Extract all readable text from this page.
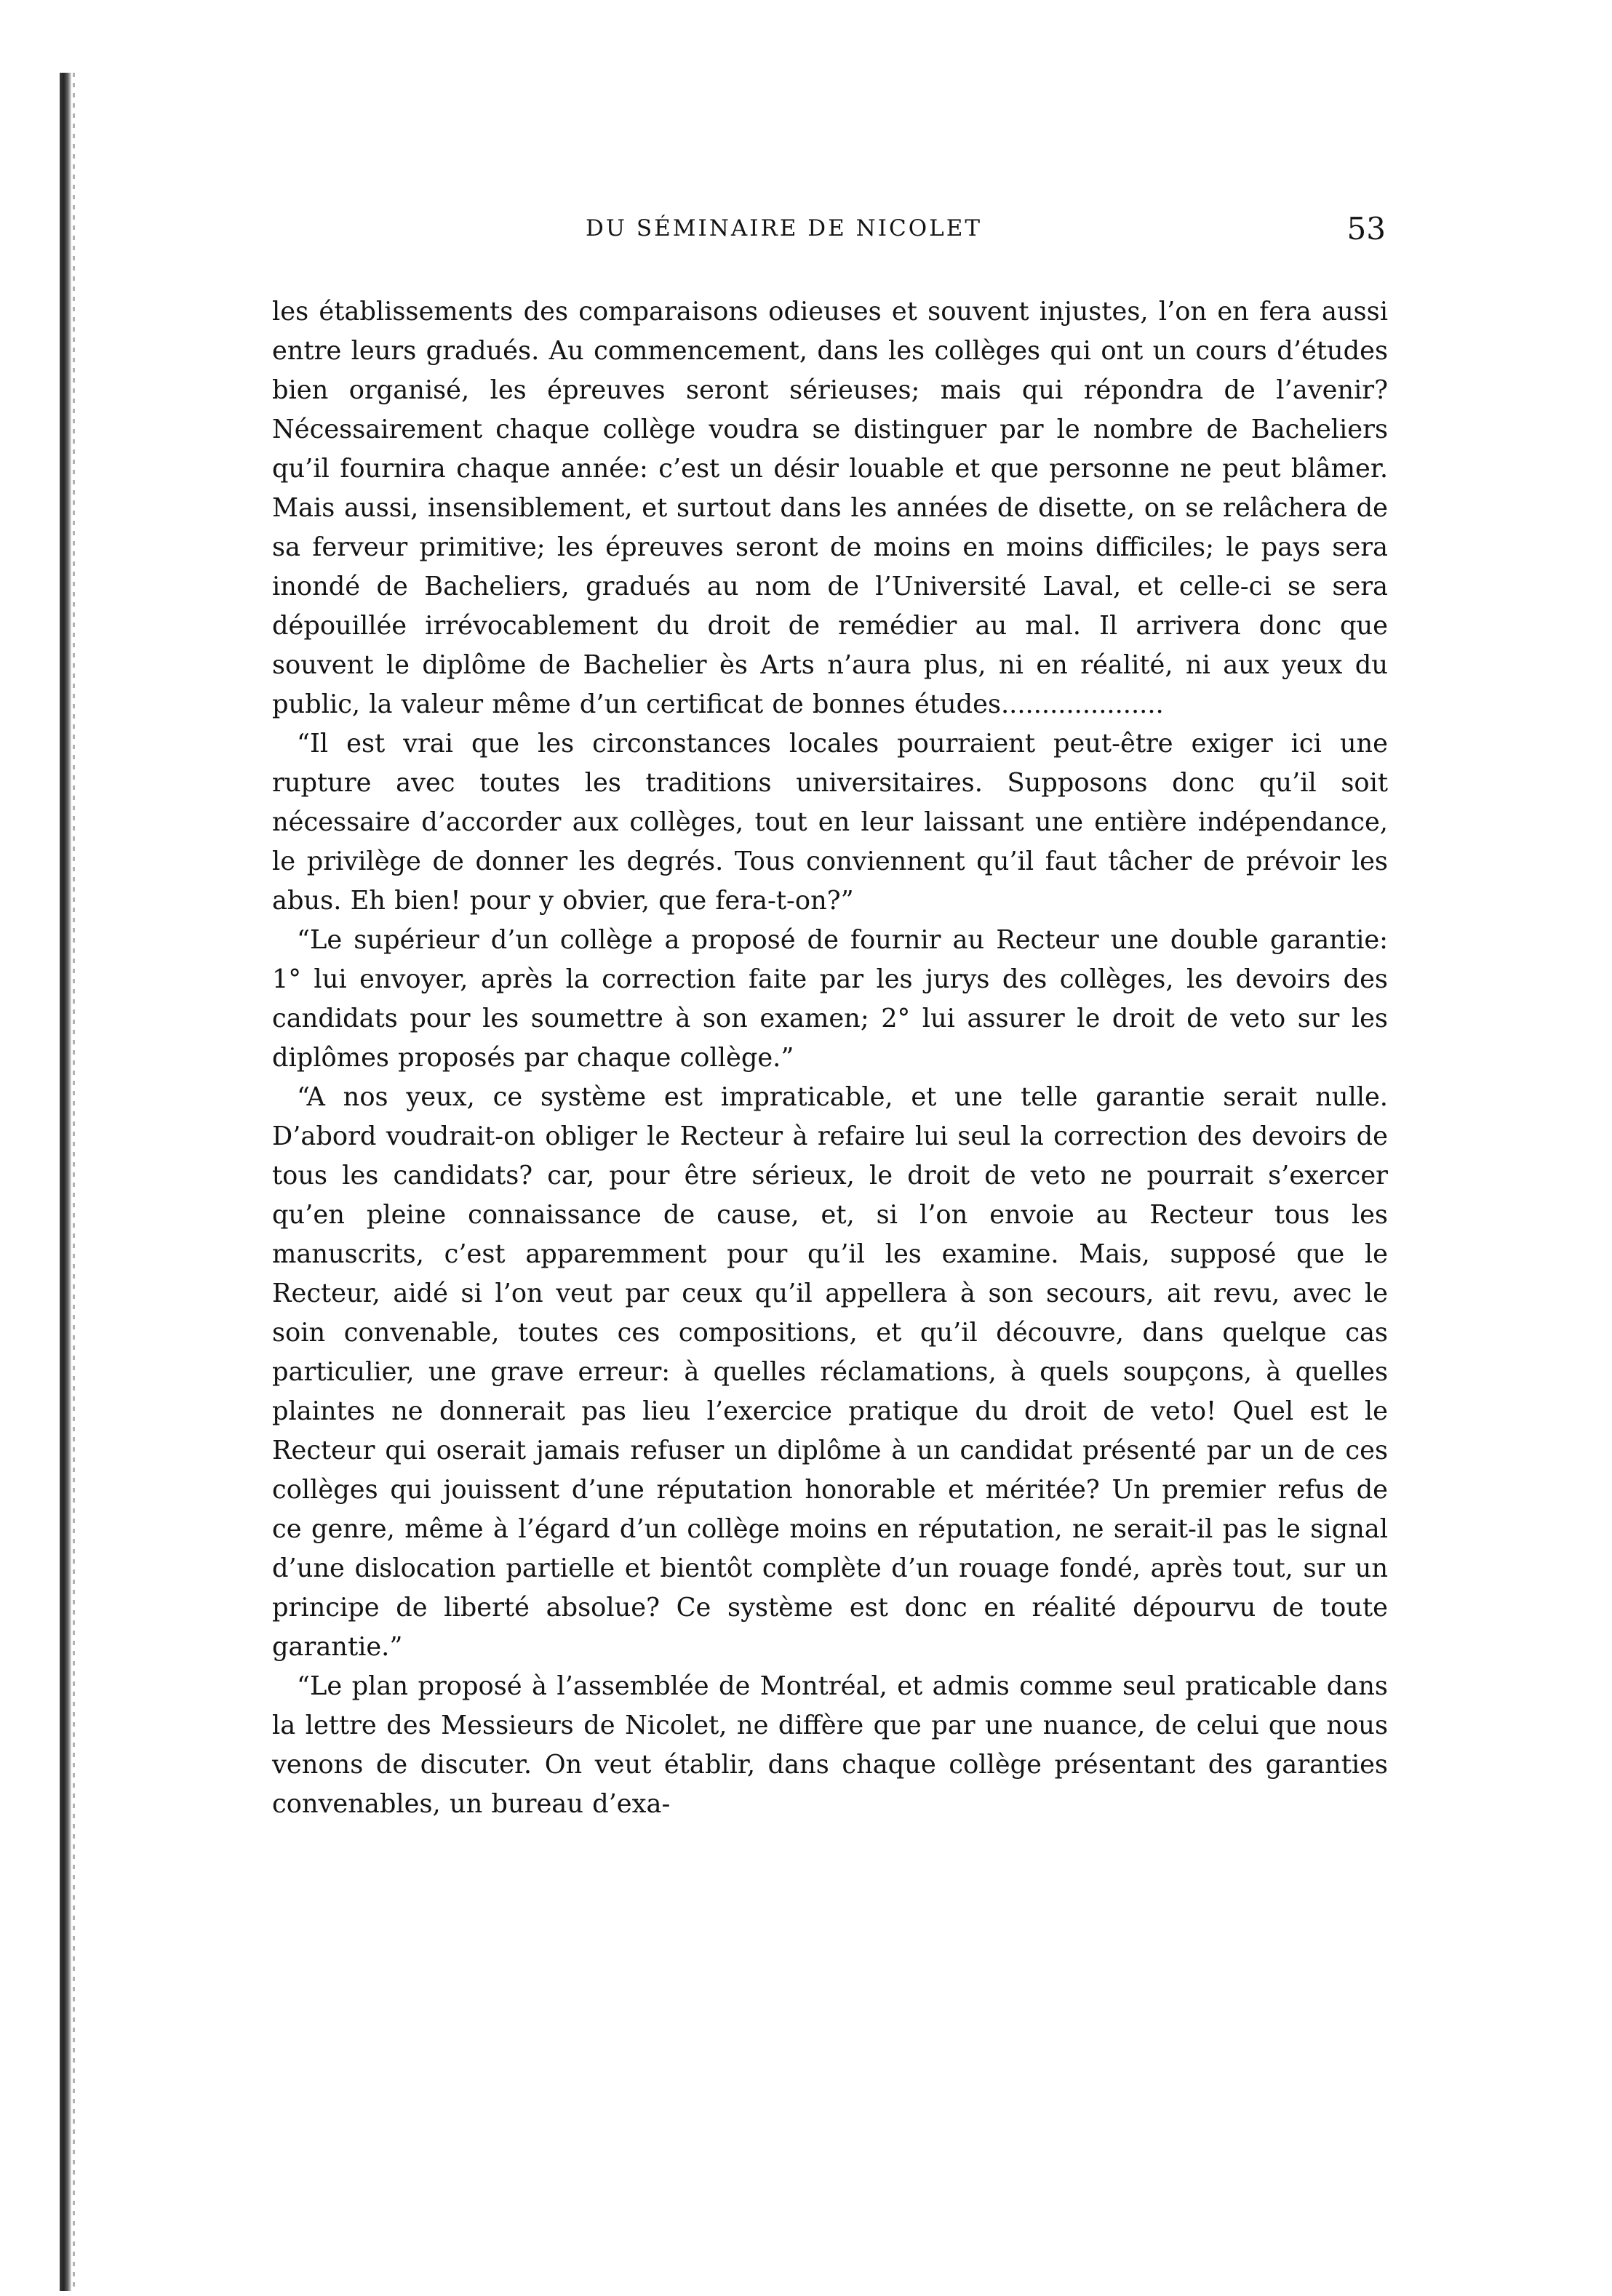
DU SÉMINAIRE DE NICOLET	53

les établissements des comparaisons odieuses et souvent injustes, l’on en fera aussi entre leurs gradués. Au commencement, dans les collèges qui ont un cours d’études bien organisé, les épreuves seront sérieuses; mais qui répondra de l’avenir? Nécessairement chaque collège voudra se distinguer par le nombre de Bacheliers qu’il fournira chaque année: c’est un désir louable et que personne ne peut blâmer. Mais aussi, insensiblement, et surtout dans les années de disette, on se relâchera de sa ferveur primitive; les épreuves seront de moins en moins difficiles; le pays sera inondé de Bacheliers, gradués au nom de l’Université Laval, et celle-ci se sera dépouillée irrévocablement du droit de remédier au mal. Il arrivera donc que souvent le diplôme de Bachelier ès Arts n’aura plus, ni en réalité, ni aux yeux du public, la valeur même d’un certificat de bonnes études....................

“Il est vrai que les circonstances locales pourraient peut-être exiger ici une rupture avec toutes les traditions universitaires. Supposons donc qu’il soit nécessaire d’accorder aux collèges, tout en leur laissant une entière indépendance, le privilège de donner les degrés. Tous conviennent qu’il faut tâcher de prévoir les abus. Eh bien! pour y obvier, que fera-t-on?”

“Le supérieur d’un collège a proposé de fournir au Recteur une double garantie: 1° lui envoyer, après la correction faite par les jurys des collèges, les devoirs des candidats pour les soumettre à son examen; 2° lui assurer le droit de veto sur les diplômes proposés par chaque collège.”

“A nos yeux, ce système est impraticable, et une telle garantie serait nulle. D’abord voudrait-on obliger le Recteur à refaire lui seul la correction des devoirs de tous les candidats? car, pour être sérieux, le droit de veto ne pourrait s’exercer qu’en pleine connaissance de cause, et, si l’on envoie au Recteur tous les manuscrits, c’est apparemment pour qu’il les examine. Mais, supposé que le Recteur, aidé si l’on veut par ceux qu’il appellera à son secours, ait revu, avec le soin convenable, toutes ces compositions, et qu’il découvre, dans quelque cas particulier, une grave erreur: à quelles réclamations, à quels soupçons, à quelles plaintes ne donnerait pas lieu l’exercice pratique du droit de veto! Quel est le Recteur qui oserait jamais refuser un diplôme à un candidat présenté par un de ces collèges qui jouissent d’une réputation honorable et méritée? Un premier refus de ce genre, même à l’égard d’un collège moins en réputation, ne serait-il pas le signal d’une dislocation partielle et bientôt complète d’un rouage fondé, après tout, sur un principe de liberté absolue? Ce système est donc en réalité dépourvu de toute garantie.”

“Le plan proposé à l’assemblée de Montréal, et admis comme seul praticable dans la lettre des Messieurs de Nicolet, ne diffère que par une nuance, de celui que nous venons de discuter. On veut établir, dans chaque collège présentant des garanties convenables, un bureau d’exa-
